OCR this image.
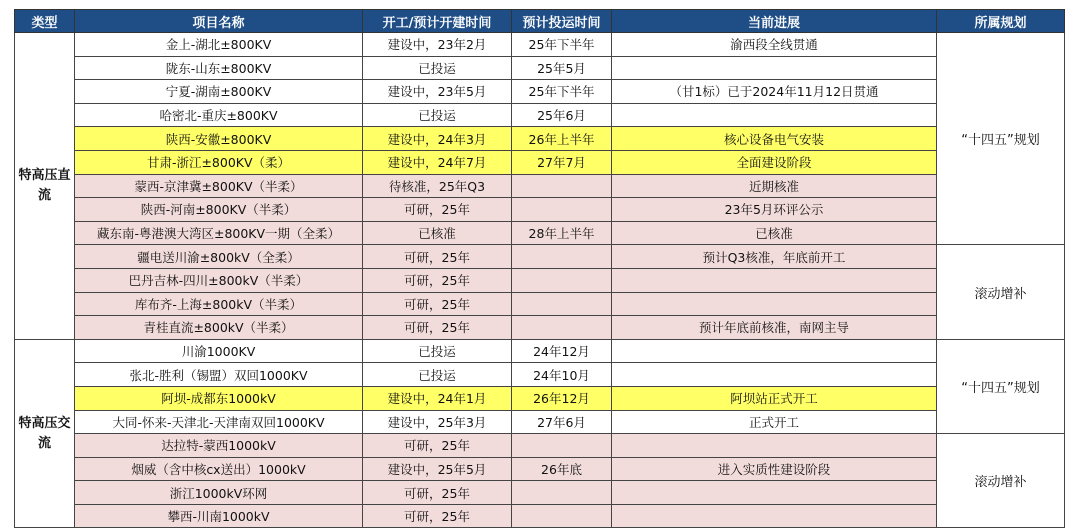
类型	项目名称	开工/预计开建时间	预计投运时间	当前进展	所属规划
特高压直流	金上-湖北±800KV	建设中，23年2月	25年下半年	渝西段全线贯通	“十四五”规划
	陇东-山东±800KV	已投运	25年5月		
	宁夏-湖南±800KV	建设中，23年5月	25年下半年	（甘1标）已于2024年11月12日贯通	
	哈密北-重庆±800KV	已投运	25年6月		
	陕西-安徽±800KV	建设中，24年3月	26年上半年	核心设备电气安装	
	甘肃-浙江±800KV（柔）	建设中，24年7月	27年7月	全面建设阶段	
	蒙西-京津冀±800KV（半柔）	待核准，25年Q3		近期核准	
	陕西-河南±800KV（半柔）	可研，25年		23年5月环评公示	
	藏东南-粤港澳大湾区±800KV一期（全柔）	已核准	28年上半年	已核准	
	疆电送川渝±800kV（全柔）	可研，25年		预计Q3核准，年底前开工	滚动增补
	巴丹吉林-四川±800kV（半柔）	可研，25年			
	库布齐-上海±800kV（半柔）	可研，25年			
	青桂直流±800kV（半柔）	可研，25年		预计年底前核准，南网主导	
特高压交流	川渝1000KV	已投运	24年12月		“十四五”规划
	张北-胜利（锡盟）双回1000KV	已投运	24年10月		
	阿坝-成都东1000kV	建设中，24年1月	26年12月	阿坝站正式开工	
	大同-怀来-天津北-天津南双回1000KV	建设中，25年3月	27年6月	正式开工	
	达拉特-蒙西1000kV	可研，25年			滚动增补
	烟威（含中核cx送出）1000kV	建设中，25年5月	26年底	进入实质性建设阶段	
	浙江1000kV环网	可研，25年			
	攀西-川南1000kV	可研，25年			
